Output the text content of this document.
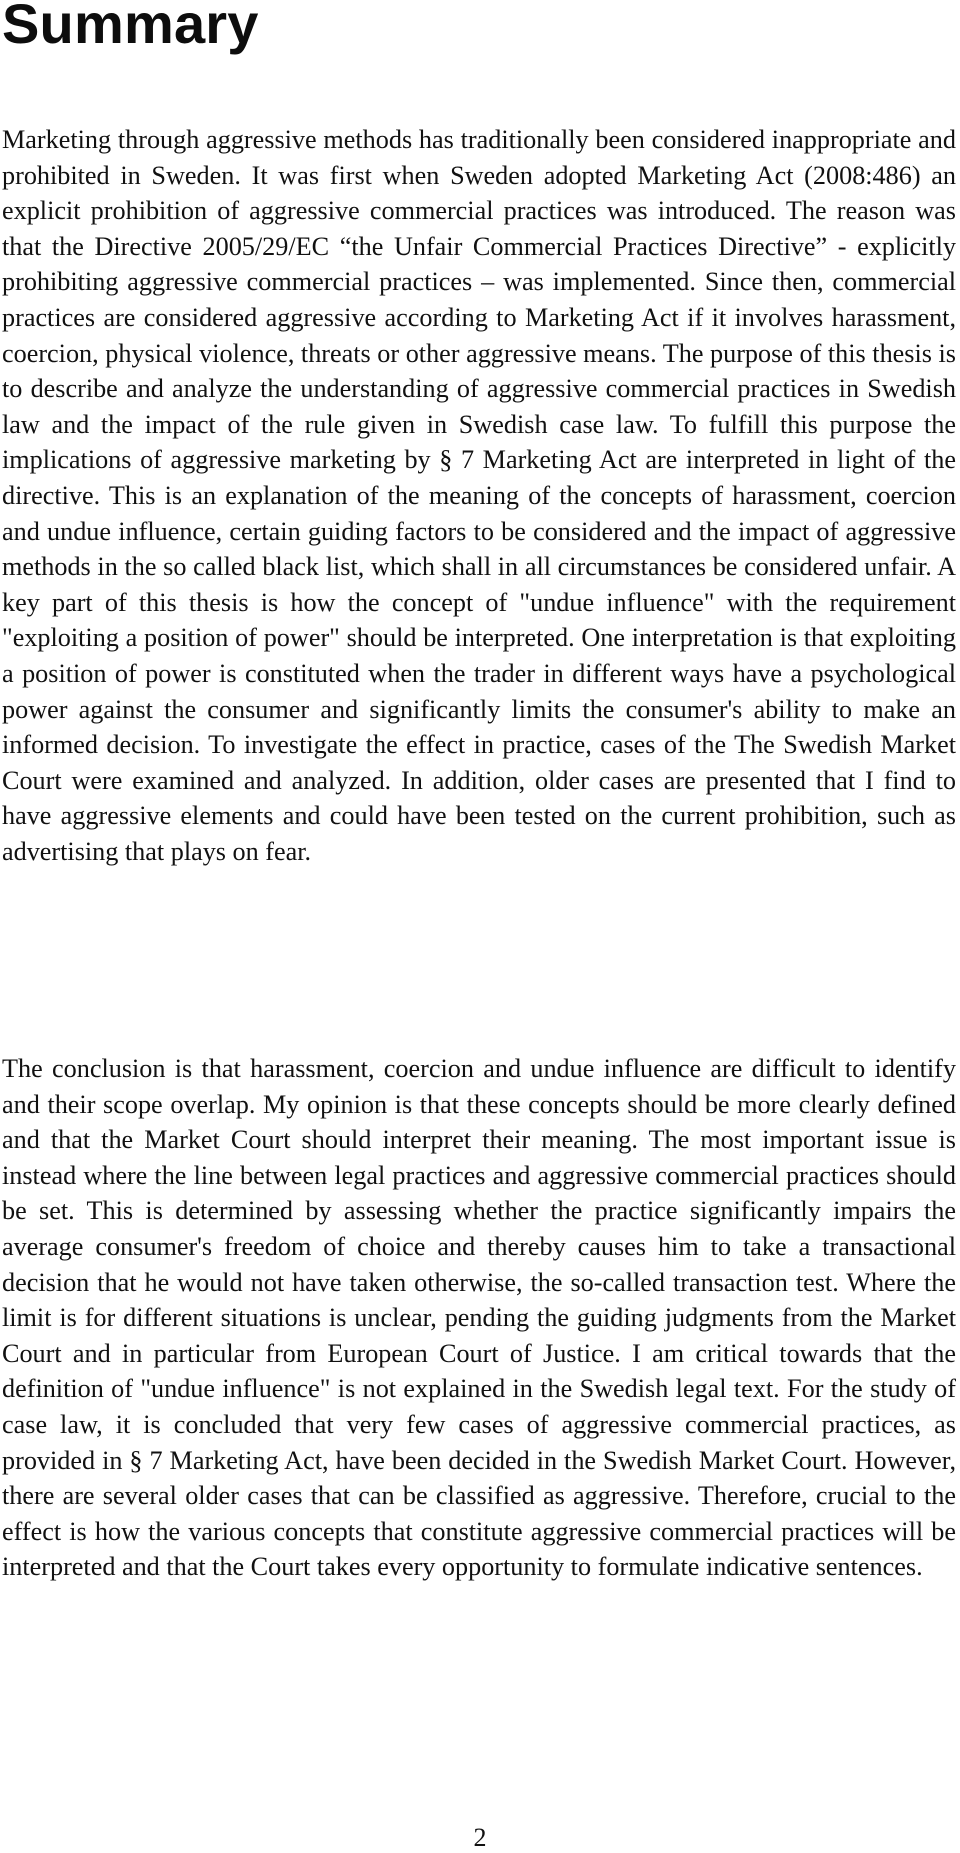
Summary

Marketing through aggressive methods has traditionally been considered inappropriate and prohibited in Sweden. It was first when Sweden adopted Marketing Act (2008:486) an explicit prohibition of aggressive commercial practices was introduced. The reason was that the Directive 2005/29/EC “the Unfair Commercial Practices Directive” - explicitly prohibiting aggressive commercial practices – was implemented. Since then, commercial practices are considered aggressive according to Marketing Act if it involves harassment, coercion, physical violence, threats or other aggressive means. The purpose of this thesis is to describe and analyze the understanding of aggressive commercial practices in Swedish law and the impact of the rule given in Swedish case law. To fulfill this purpose the implications of aggressive marketing by § 7 Marketing Act are interpreted in light of the directive. This is an explanation of the meaning of the concepts of harassment, coercion and undue influence, certain guiding factors to be considered and the impact of aggressive methods in the so called black list, which shall in all circumstances be considered unfair. A key part of this thesis is how the concept of "undue influence" with the requirement "exploiting a position of power" should be interpreted. One interpretation is that exploiting a position of power is constituted when the trader in different ways have a psychological power against the consumer and significantly limits the consumer's ability to make an informed decision. To investigate the effect in practice, cases of the The Swedish Market Court were examined and analyzed. In addition, older cases are presented that I find to have aggressive elements and could have been tested on the current prohibition, such as advertising that plays on fear.

The conclusion is that harassment, coercion and undue influence are difficult to identify and their scope overlap. My opinion is that these concepts should be more clearly defined and that the Market Court should interpret their meaning. The most important issue is instead where the line between legal practices and aggressive commercial practices should be set. This is determined by assessing whether the practice significantly impairs the average consumer's freedom of choice and thereby causes him to take a transactional decision that he would not have taken otherwise, the so-called transaction test. Where the limit is for different situations is unclear, pending the guiding judgments from the Market Court and in particular from European Court of Justice. I am critical towards that the definition of "undue influence" is not explained in the Swedish legal text. For the study of case law, it is concluded that very few cases of aggressive commercial practices, as provided in § 7 Marketing Act, have been decided in the Swedish Market Court. However, there are several older cases that can be classified as aggressive. Therefore, crucial to the effect is how the various concepts that constitute aggressive commercial practices will be interpreted and that the Court takes every opportunity to formulate indicative sentences.

2
